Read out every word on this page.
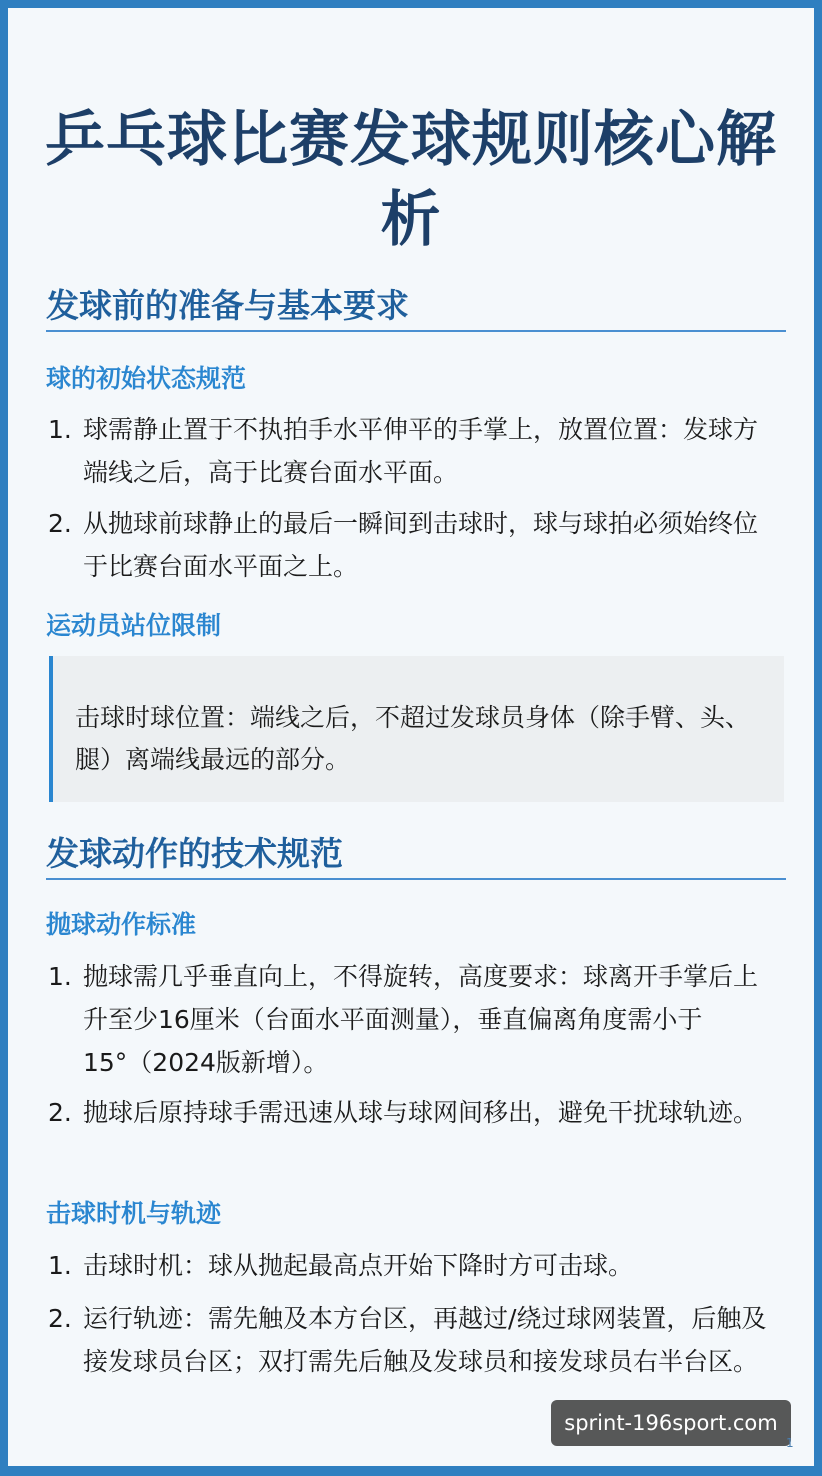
乒乓球比赛发球规则核心解析
发球前的准备与基本要求
球的初始状态规范
1. 球需静止置于不执拍手水平伸平的手掌上，放置位置：发球方端线之后，高于比赛台面水平面。
2. 从抛球前球静止的最后一瞬间到击球时，球与球拍必须始终位于比赛台面水平面之上。
运动员站位限制
击球时球位置：端线之后，不超过发球员身体（除手臂、头、腿）离端线最远的部分。
发球动作的技术规范
抛球动作标准
1. 抛球需几乎垂直向上，不得旋转，高度要求：球离开手掌后上升至少16厘米（台面水平面测量），垂直偏离角度需小于15°（2024版新增）。
2. 抛球后原持球手需迅速从球与球网间移出，避免干扰球轨迹。
击球时机与轨迹
1. 击球时机：球从抛起最高点开始下降时方可击球。
2. 运行轨迹：需先触及本方台区，再越过/绕过球网装置，后触及接发球员台区；双打需先后触及发球员和接发球员右半台区。
sprint-196sport.com
1
